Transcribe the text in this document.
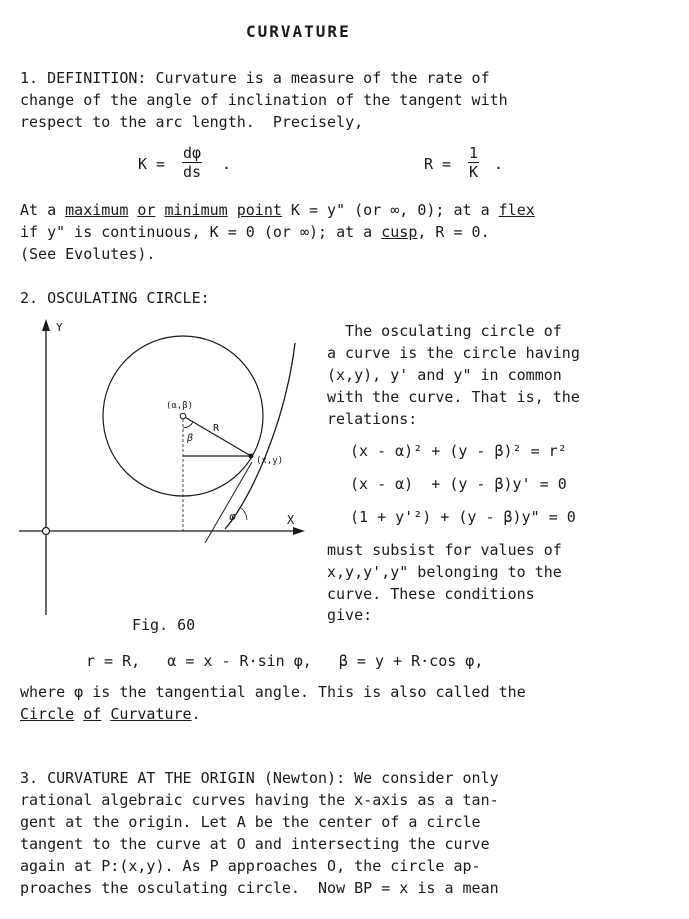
CURVATURE
1. DEFINITION: Curvature is a measure of the rate of
change of the angle of inclination of the tangent with
respect to the arc length.  Precisely,
$K = \frac{d\varphi}{ds}$ .	$R = \frac{1}{K}$ .
At a maximum or minimum point K = y" (or ∞, 0); at a flex
if y" is continuous, K = 0 (or ∞); at a cusp, R = 0.
(See Evolutes).
2. OSCULATING CIRCLE:
Y
X
(α,β)
R
β
(x,y)
φ
Fig. 60
The osculating circle of
a curve is the circle having
(x,y), y' and y" in common
with the curve. That is, the
relations:
(x - α)² + (y - β)² = r²
(x - α)  + (y - β)y' = 0
(1 + y'²) + (y - β)y" = 0
must subsist for values of
x,y,y',y" belonging to the
curve. These conditions
give:
r = R,   α = x - R·sin φ,   β = y + R·cos φ,
where φ is the tangential angle. This is also called the
Circle of Curvature.
3. CURVATURE AT THE ORIGIN (Newton): We consider only
rational algebraic curves having the x-axis as a tan-
gent at the origin. Let A be the center of a circle
tangent to the curve at O and intersecting the curve
again at P:(x,y). As P approaches O, the circle ap-
proaches the osculating circle.  Now BP = x is a mean
